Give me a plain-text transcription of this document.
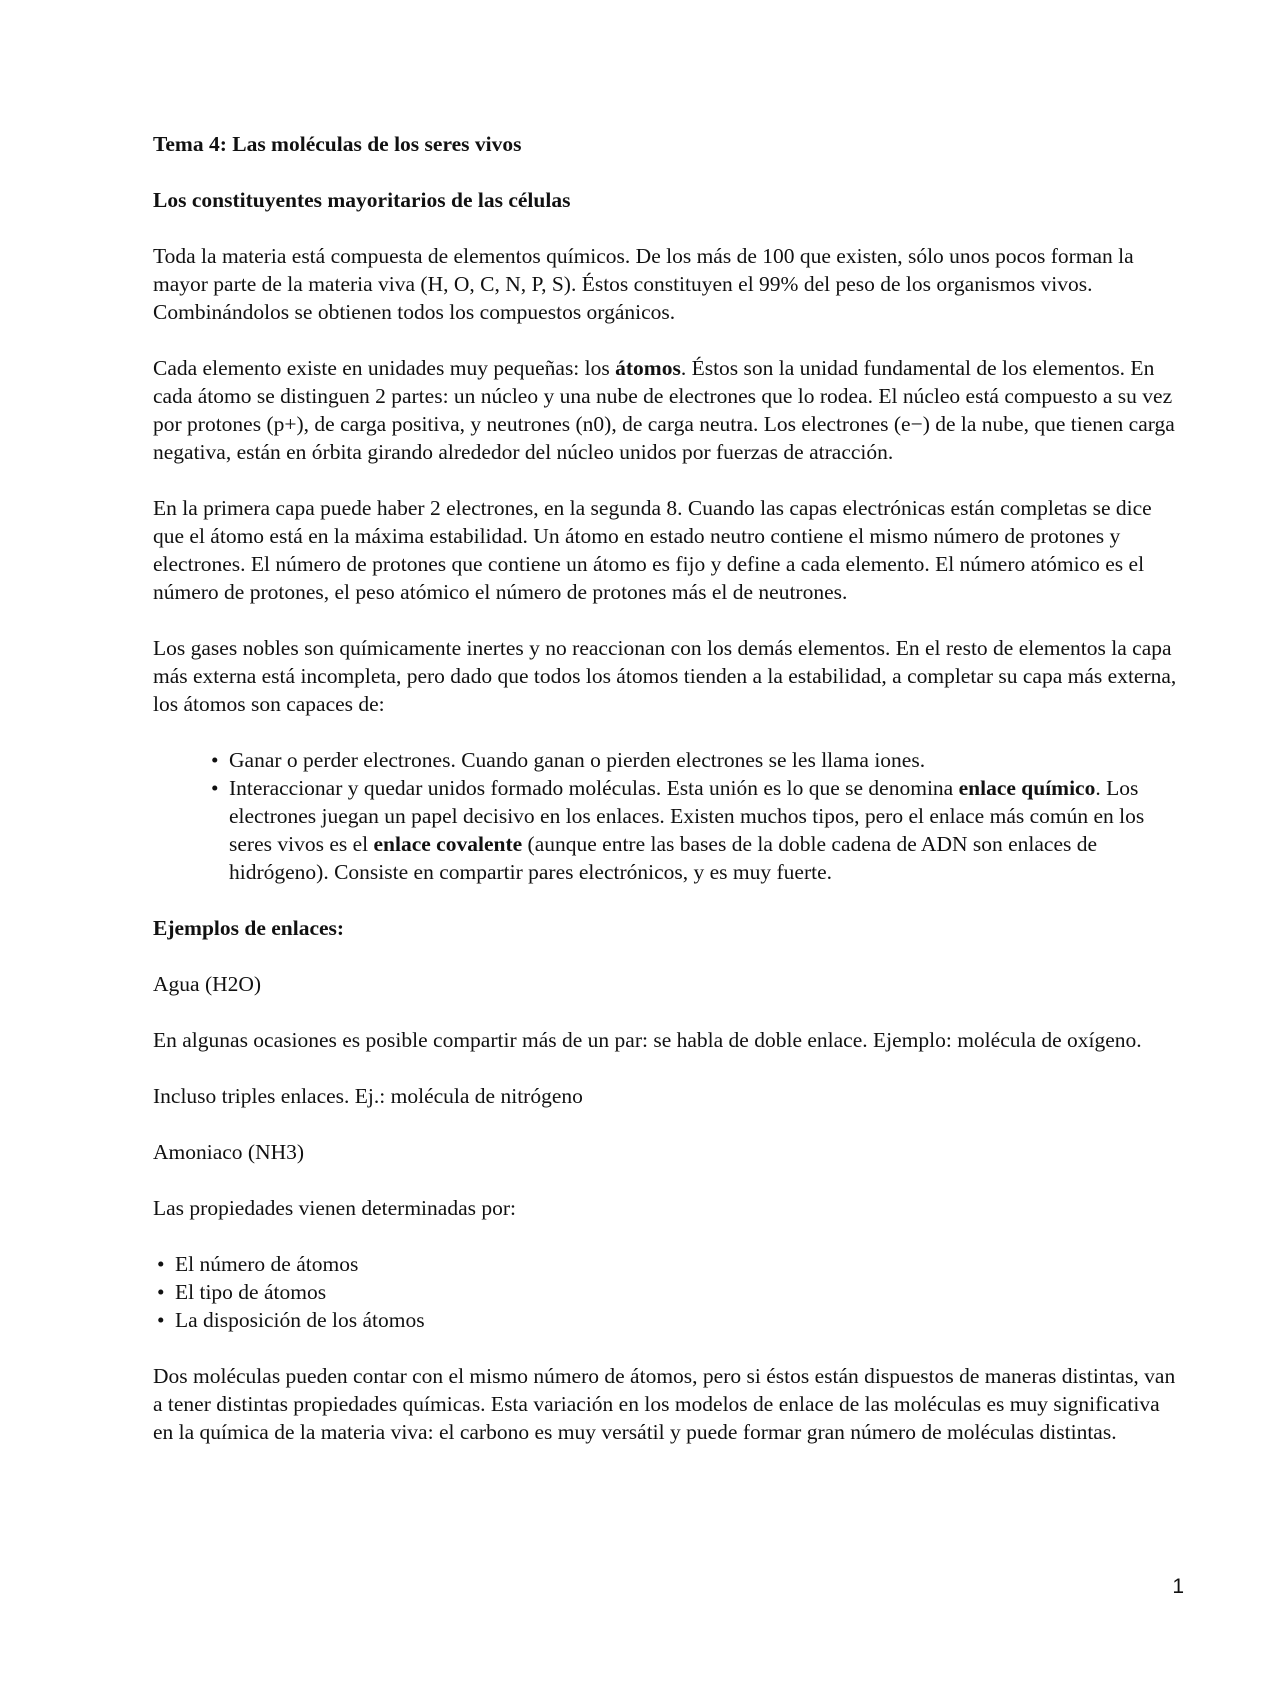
Tema 4: Las moléculas de los seres vivos
Los constituyentes mayoritarios de las células

Toda la materia está compuesta de elementos químicos. De los más de 100 que existen, sólo unos pocos forman la mayor parte de la materia viva (H, O, C, N, P, S). Éstos constituyen el 99% del peso de los organismos vivos. Combinándolos se obtienen todos los compuestos orgánicos.

Cada elemento existe en unidades muy pequeñas: los átomos. Éstos son la unidad fundamental de los elementos. En cada átomo se distinguen 2 partes: un núcleo y una nube de electrones que lo rodea. El núcleo está compuesto a su vez por protones (p+), de carga positiva, y neutrones (n0), de carga neutra. Los electrones (e−) de la nube, que tienen carga negativa, están en órbita girando alrededor del núcleo unidos por fuerzas de atracción.

En la primera capa puede haber 2 electrones, en la segunda 8. Cuando las capas electrónicas están completas se dice que el átomo está en la máxima estabilidad. Un átomo en estado neutro contiene el mismo número de protones y electrones. El número de protones que contiene un átomo es fijo y define a cada elemento. El número atómico es el número de protones, el peso atómico el número de protones más el de neutrones.

Los gases nobles son químicamente inertes y no reaccionan con los demás elementos. En el resto de elementos la capa más externa está incompleta, pero dado que todos los átomos tienden a la estabilidad, a completar su capa más externa, los átomos son capaces de:

• Ganar o perder electrones. Cuando ganan o pierden electrones se les llama iones.
• Interaccionar y quedar unidos formado moléculas. Esta unión es lo que se denomina enlace químico. Los electrones juegan un papel decisivo en los enlaces. Existen muchos tipos, pero el enlace más común en los seres vivos es el enlace covalente (aunque entre las bases de la doble cadena de ADN son enlaces de hidrógeno). Consiste en compartir pares electrónicos, y es muy fuerte.
Ejemplos de enlaces:

Agua (H2O)

En algunas ocasiones es posible compartir más de un par: se habla de doble enlace. Ejemplo: molécula de oxígeno.

Incluso triples enlaces. Ej.: molécula de nitrógeno

Amoniaco (NH3)

Las propiedades vienen determinadas por:

• El número de átomos
• El tipo de átomos
• La disposición de los átomos

Dos moléculas pueden contar con el mismo número de átomos, pero si éstos están dispuestos de maneras distintas, van a tener distintas propiedades químicas. Esta variación en los modelos de enlace de las moléculas es muy significativa en la química de la materia viva: el carbono es muy versátil y puede formar gran número de moléculas distintas.

1
